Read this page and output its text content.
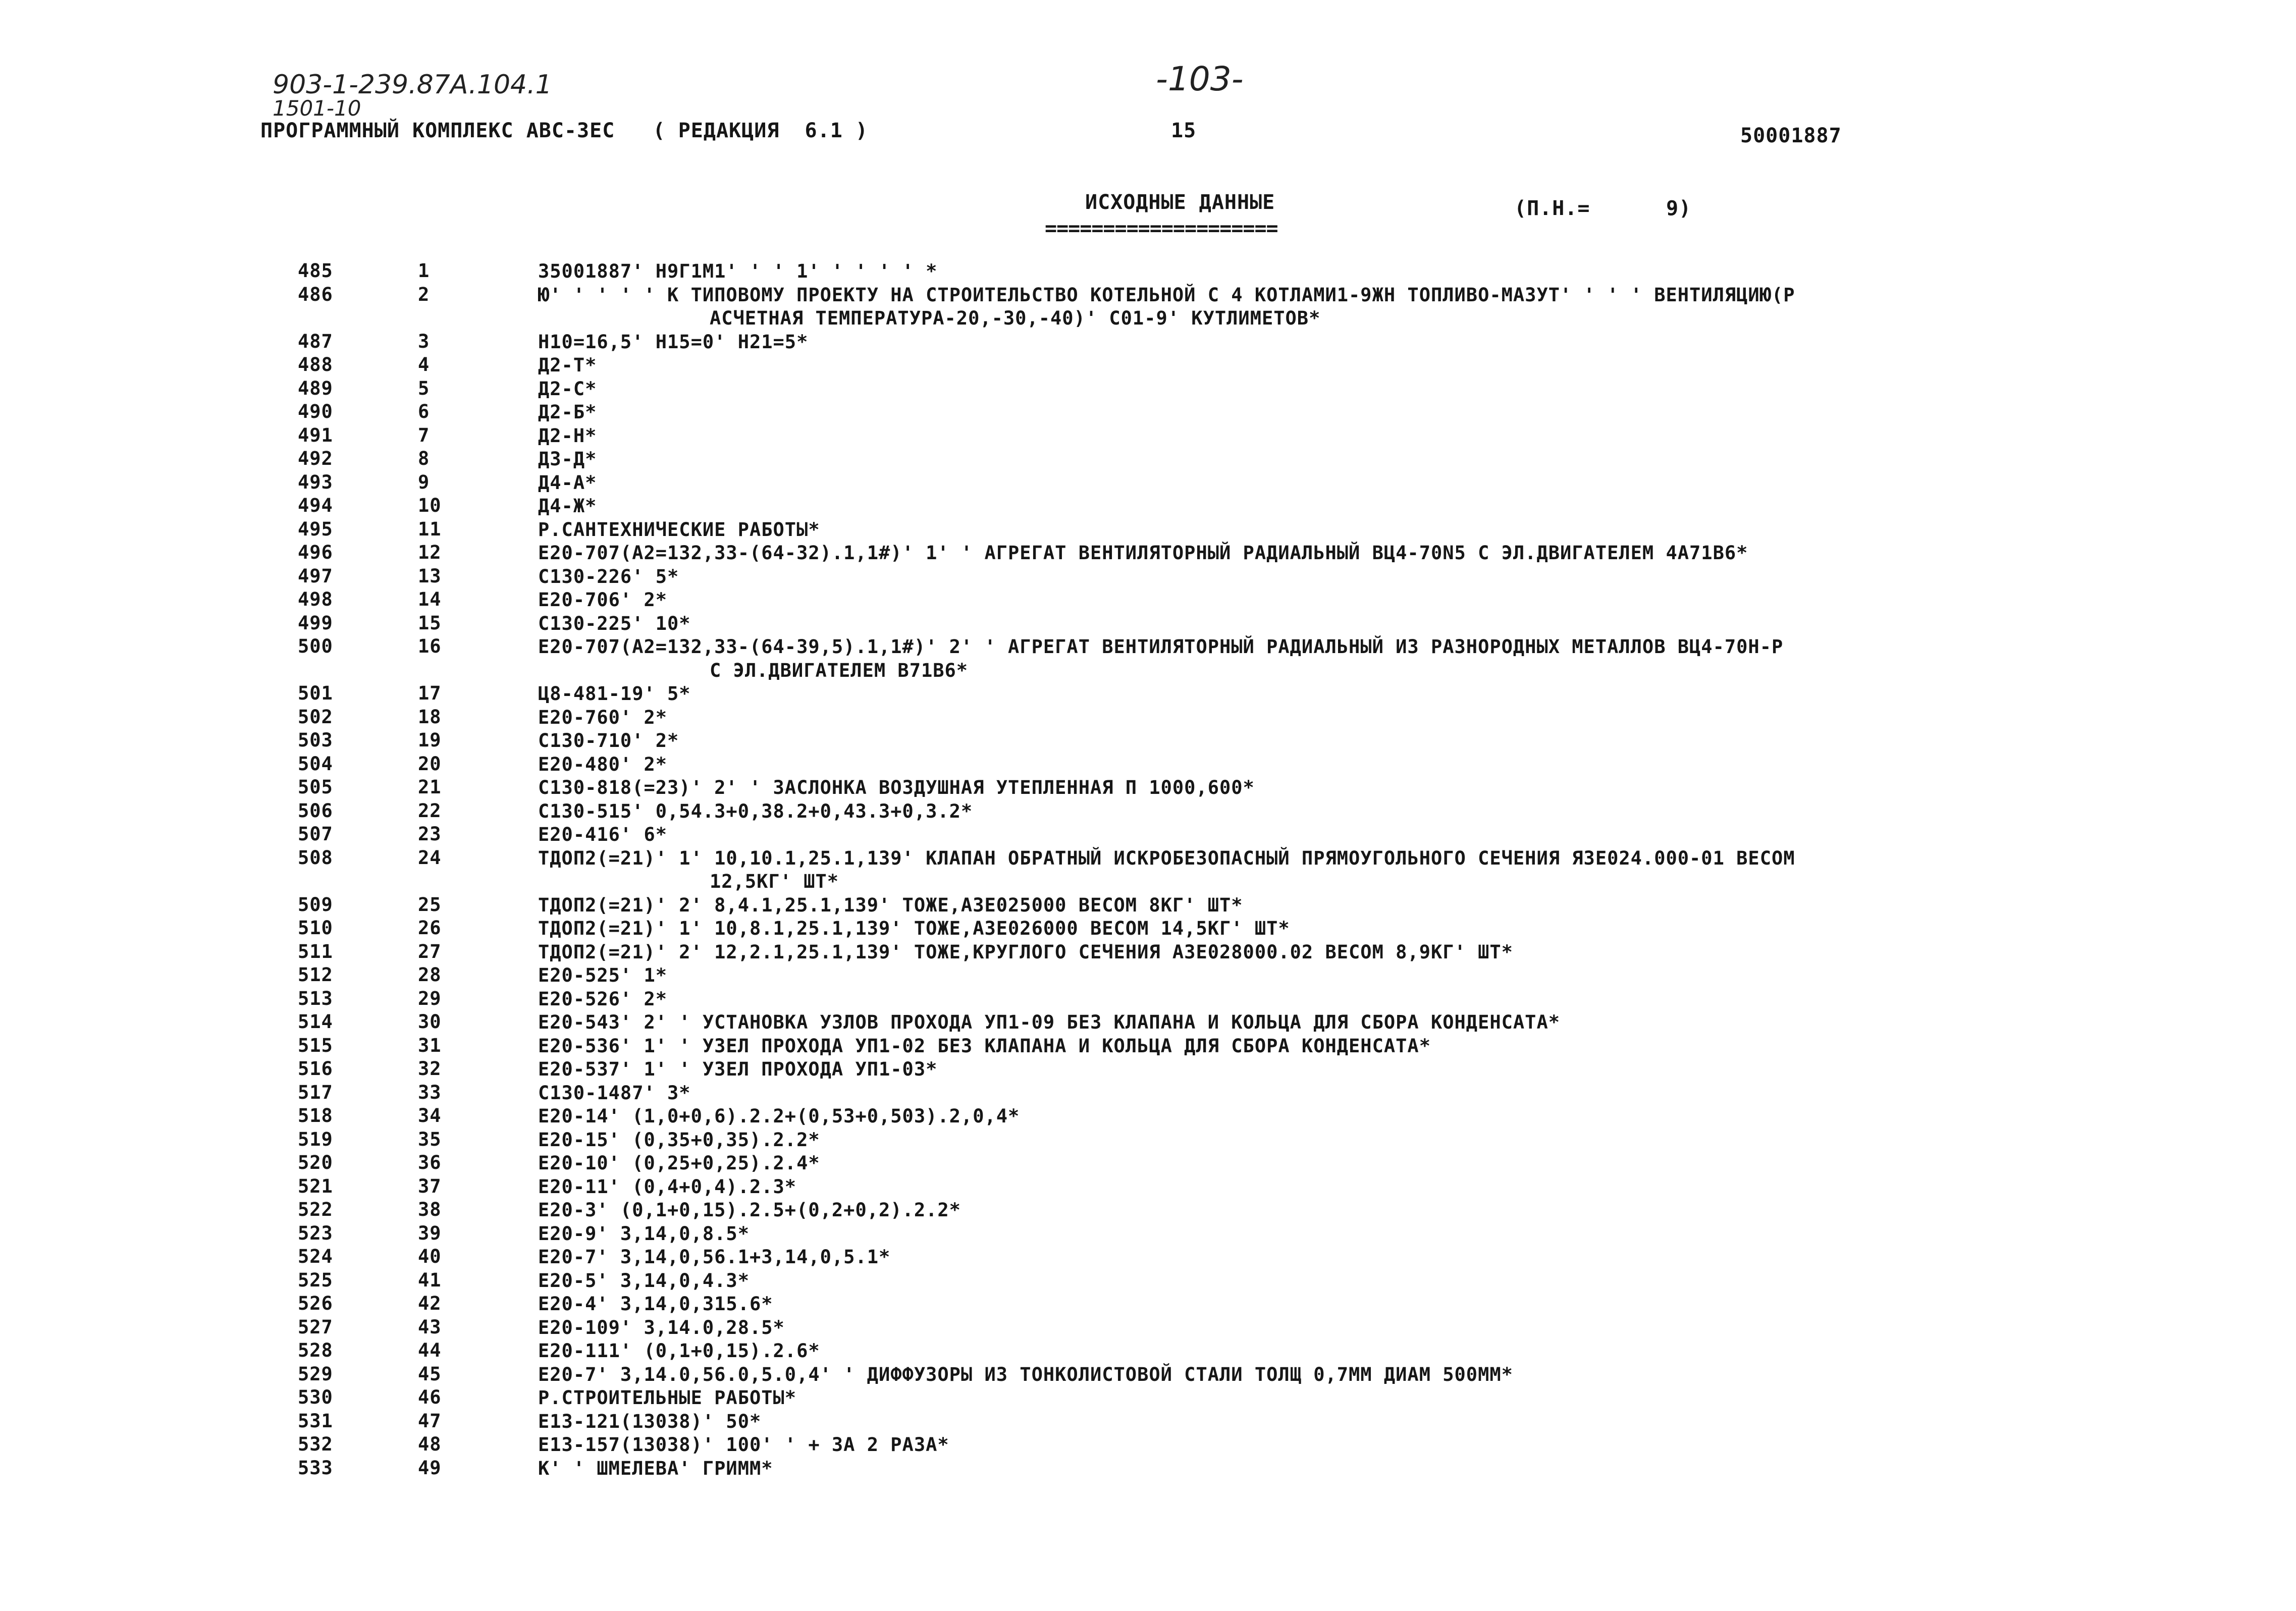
903-1-239.87A.104.1
1501-10
-103-
ПРОГРАММНЫЙ КОМПЛЕКС АВС-3ЕС   ( РЕДАКЦИЯ  6.1 )	15	50001887
ИСХОДНЫЕ ДАННЫЕ
====================
(П.Н.=      9)
485	1	35001887' Н9Г1М1' ' ' 1' ' ' ' ' *
486	2	Ю' ' ' ' ' К ТИПОВОМУ ПРОЕКТУ НА СТРОИТЕЛЬСТВО КОТЕЛЬНОЙ С 4 КОТЛАМИ1-9ЖН ТОПЛИВО-МАЗУТ' ' ' ' ВЕНТИЛЯЦИЮ(Р
АСЧЕТНАЯ ТЕМПЕРАТУРА-20,-30,-40)' С01-9' КУТЛИМЕТОВ*
487	3	Н10=16,5' Н15=0' Н21=5*
488	4	Д2-Т*
489	5	Д2-С*
490	6	Д2-Б*
491	7	Д2-Н*
492	8	Д3-Д*
493	9	Д4-А*
494	10	Д4-Ж*
495	11	Р.САНТЕХНИЧЕСКИЕ РАБОТЫ*
496	12	Е20-707(А2=132,33-(64-32).1,1#)' 1' ' АГРЕГАТ ВЕНТИЛЯТОРНЫЙ РАДИАЛЬНЫЙ ВЦ4-70N5 С ЭЛ.ДВИГАТЕЛЕМ 4А71В6*
497	13	С130-226' 5*
498	14	Е20-706' 2*
499	15	С130-225' 10*
500	16	Е20-707(А2=132,33-(64-39,5).1,1#)' 2' ' АГРЕГАТ ВЕНТИЛЯТОРНЫЙ РАДИАЛЬНЫЙ ИЗ РАЗНОРОДНЫХ МЕТАЛЛОВ ВЦ4-70Н-Р
С ЭЛ.ДВИГАТЕЛЕМ В71В6*
501	17	Ц8-481-19' 5*
502	18	Е20-760' 2*
503	19	С130-710' 2*
504	20	Е20-480' 2*
505	21	С130-818(=23)' 2' ' ЗАСЛОНКА ВОЗДУШНАЯ УТЕПЛЕННАЯ П 1000,600*
506	22	С130-515' 0,54.3+0,38.2+0,43.3+0,3.2*
507	23	Е20-416' 6*
508	24	ТДОП2(=21)' 1' 10,10.1,25.1,139' КЛАПАН ОБРАТНЫЙ ИСКРОБЕЗОПАСНЫЙ ПРЯМОУГОЛЬНОГО СЕЧЕНИЯ ЯЗЕ024.000-01 ВЕСОМ
12,5КГ' ШТ*
509	25	ТДОП2(=21)' 2' 8,4.1,25.1,139' ТОЖЕ,АЗЕ025000 ВЕСОМ 8КГ' ШТ*
510	26	ТДОП2(=21)' 1' 10,8.1,25.1,139' ТОЖЕ,АЗЕ026000 ВЕСОМ 14,5КГ' ШТ*
511	27	ТДОП2(=21)' 2' 12,2.1,25.1,139' ТОЖЕ,КРУГЛОГО СЕЧЕНИЯ АЗЕ028000.02 ВЕСОМ 8,9КГ' ШТ*
512	28	Е20-525' 1*
513	29	Е20-526' 2*
514	30	Е20-543' 2' ' УСТАНОВКА УЗЛОВ ПРОХОДА УП1-09 БЕЗ КЛАПАНА И КОЛЬЦА ДЛЯ СБОРА КОНДЕНСАТА*
515	31	Е20-536' 1' ' УЗЕЛ ПРОХОДА УП1-02 БЕЗ КЛАПАНА И КОЛЬЦА ДЛЯ СБОРА КОНДЕНСАТА*
516	32	Е20-537' 1' ' УЗЕЛ ПРОХОДА УП1-03*
517	33	С130-1487' 3*
518	34	Е20-14' (1,0+0,6).2.2+(0,53+0,503).2,0,4*
519	35	Е20-15' (0,35+0,35).2.2*
520	36	Е20-10' (0,25+0,25).2.4*
521	37	Е20-11' (0,4+0,4).2.3*
522	38	Е20-3' (0,1+0,15).2.5+(0,2+0,2).2.2*
523	39	Е20-9' 3,14,0,8.5*
524	40	Е20-7' 3,14,0,56.1+3,14,0,5.1*
525	41	Е20-5' 3,14,0,4.3*
526	42	Е20-4' 3,14,0,315.6*
527	43	Е20-109' 3,14.0,28.5*
528	44	Е20-111' (0,1+0,15).2.6*
529	45	Е20-7' 3,14.0,56.0,5.0,4' ' ДИФФУЗОРЫ ИЗ ТОНКОЛИСТОВОЙ СТАЛИ ТОЛЩ 0,7ММ ДИАМ 500ММ*
530	46	Р.СТРОИТЕЛЬНЫЕ РАБОТЫ*
531	47	Е13-121(13038)' 50*
532	48	Е13-157(13038)' 100' ' + ЗА 2 РАЗА*
533	49	К' ' ШМЕЛЕВА' ГРИММ*
